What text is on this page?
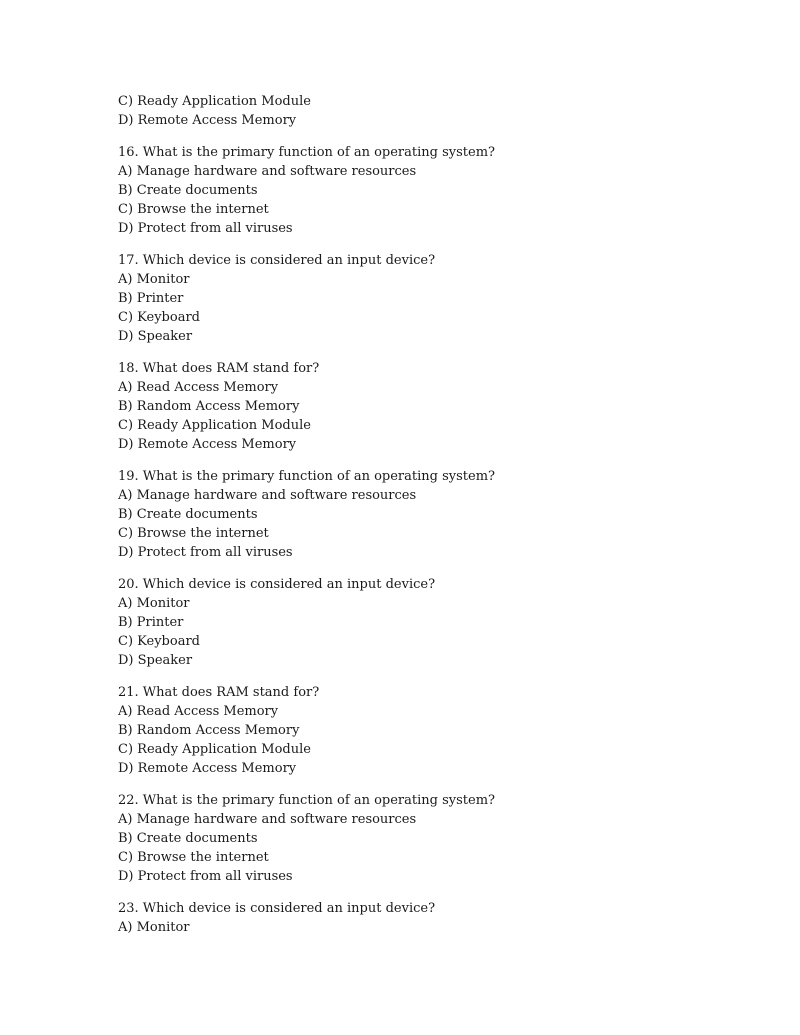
C) Ready Application Module
D) Remote Access Memory
16. What is the primary function of an operating system?
A) Manage hardware and software resources
B) Create documents
C) Browse the internet
D) Protect from all viruses
17. Which device is considered an input device?
A) Monitor
B) Printer
C) Keyboard
D) Speaker
18. What does RAM stand for?
A) Read Access Memory
B) Random Access Memory
C) Ready Application Module
D) Remote Access Memory
19. What is the primary function of an operating system?
A) Manage hardware and software resources
B) Create documents
C) Browse the internet
D) Protect from all viruses
20. Which device is considered an input device?
A) Monitor
B) Printer
C) Keyboard
D) Speaker
21. What does RAM stand for?
A) Read Access Memory
B) Random Access Memory
C) Ready Application Module
D) Remote Access Memory
22. What is the primary function of an operating system?
A) Manage hardware and software resources
B) Create documents
C) Browse the internet
D) Protect from all viruses
23. Which device is considered an input device?
A) Monitor
